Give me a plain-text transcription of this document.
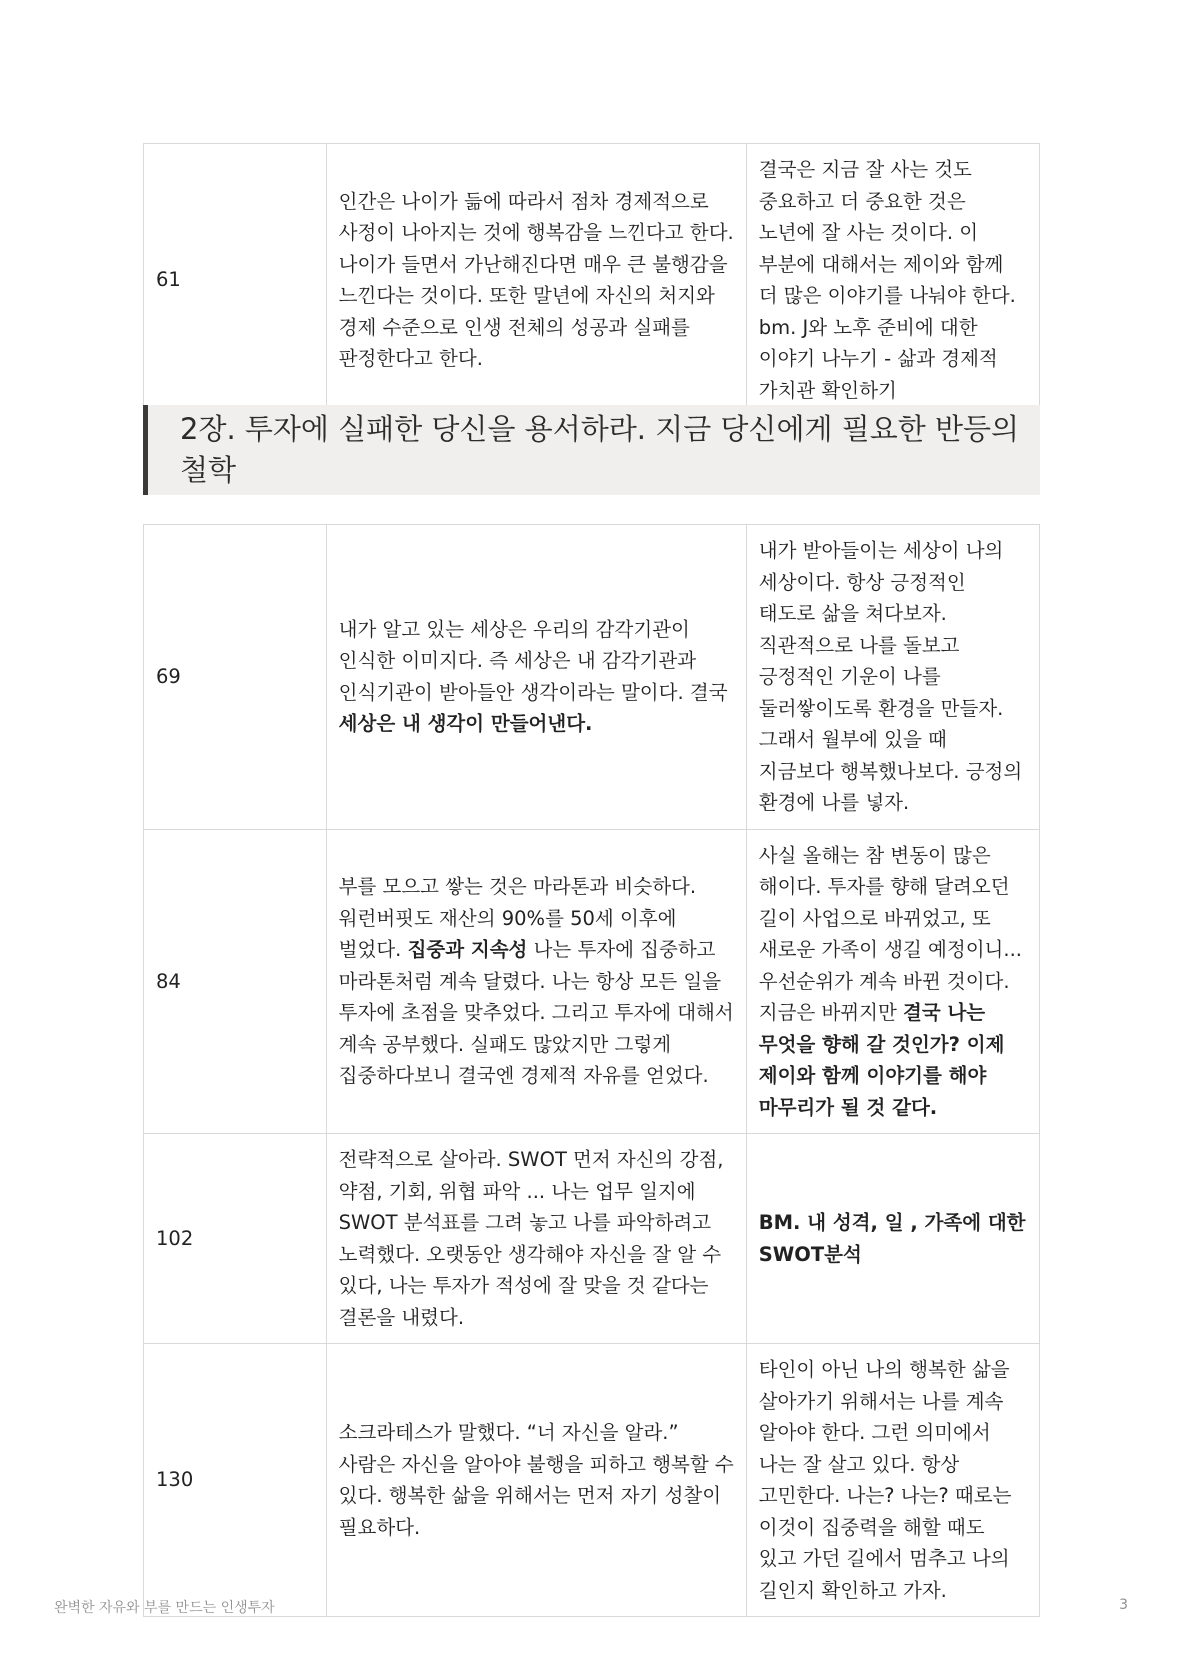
61	인간은 나이가 듦에 따라서 점차 경제적으로 사정이 나아지는 것에 행복감을 느낀다고 한다.나이가 들면서 가난해진다면 매우 큰 불행감을 느낀다는 것이다. 또한 말년에 자신의 처지와 경제 수준으로 인생 전체의 성공과 실패를 판정한다고 한다.	결국은 지금 잘 사는 것도 중요하고 더 중요한 것은 노년에 잘 사는 것이다. 이 부분에 대해서는 제이와 함께 더 많은 이야기를 나눠야 한다. bm. J와 노후 준비에 대한 이야기 나누기 - 삶과 경제적 가치관 확인하기
2장. 투자에 실패한 당신을 용서하라. 지금 당신에게 필요한 반등의 철학
69	내가 알고 있는 세상은 우리의 감각기관이 인식한 이미지다. 즉 세상은 내 감각기관과 인식기관이 받아들안 생각이라는 말이다. 결국 세상은 내 생각이 만들어낸다.	내가 받아들이는 세상이 나의 세상이다. 항상 긍정적인 태도로 삶을 쳐다보자. 직관적으로 나를 돌보고 긍정적인 기운이 나를 둘러쌓이도록 환경을 만들자. 그래서 월부에 있을 때 지금보다 행복했나보다. 긍정의 환경에 나를 넣자.
84	부를 모으고 쌓는 것은 마라톤과 비슷하다. 워런버핏도 재산의 90%를 50세 이후에 벌었다. 집중과 지속성 나는 투자에 집중하고 마라톤처럼 계속 달렸다. 나는 항상 모든 일을 투자에 초점을 맞추었다. 그리고 투자에 대해서 계속 공부했다. 실패도 많았지만 그렇게 집중하다보니 결국엔 경제적 자유를 얻었다.	사실 올해는 참 변동이 많은 해이다. 투자를 향해 달려오던 길이 사업으로 바뀌었고, 또 새로운 가족이 생길 예정이니... 우선순위가 계속 바뀐 것이다. 지금은 바뀌지만 결국 나는 무엇을 향해 갈 것인가? 이제 제이와 함께 이야기를 해야 마무리가 될 것 같다.
102	전략적으로 살아라. SWOT 먼저 자신의 강점, 약점, 기회, 위협 파악 ... 나는 업무 일지에 SWOT 분석표를 그려 놓고 나를 파악하려고 노력했다. 오랫동안 생각해야 자신을 잘 알 수 있다, 나는 투자가 적성에 잘 맞을 것 같다는 결론을 내렸다.	BM. 내 성격, 일 , 가족에 대한 SWOT분석
130	소크라테스가 말했다. “너 자신을 알라.” 사람은 자신을 알아야 불행을 피하고 행복할 수 있다. 행복한 삶을 위해서는 먼저 자기 성찰이 필요하다.	타인이 아닌 나의 행복한 삶을 살아가기 위해서는 나를 계속 알아야 한다. 그런 의미에서 나는 잘 살고 있다. 항상 고민한다. 나는? 나는? 때로는 이것이 집중력을 해할 때도 있고 가던 길에서 멈추고 나의 길인지 확인하고 가자.
완벽한 자유와 부를 만드는 인생투자	3
